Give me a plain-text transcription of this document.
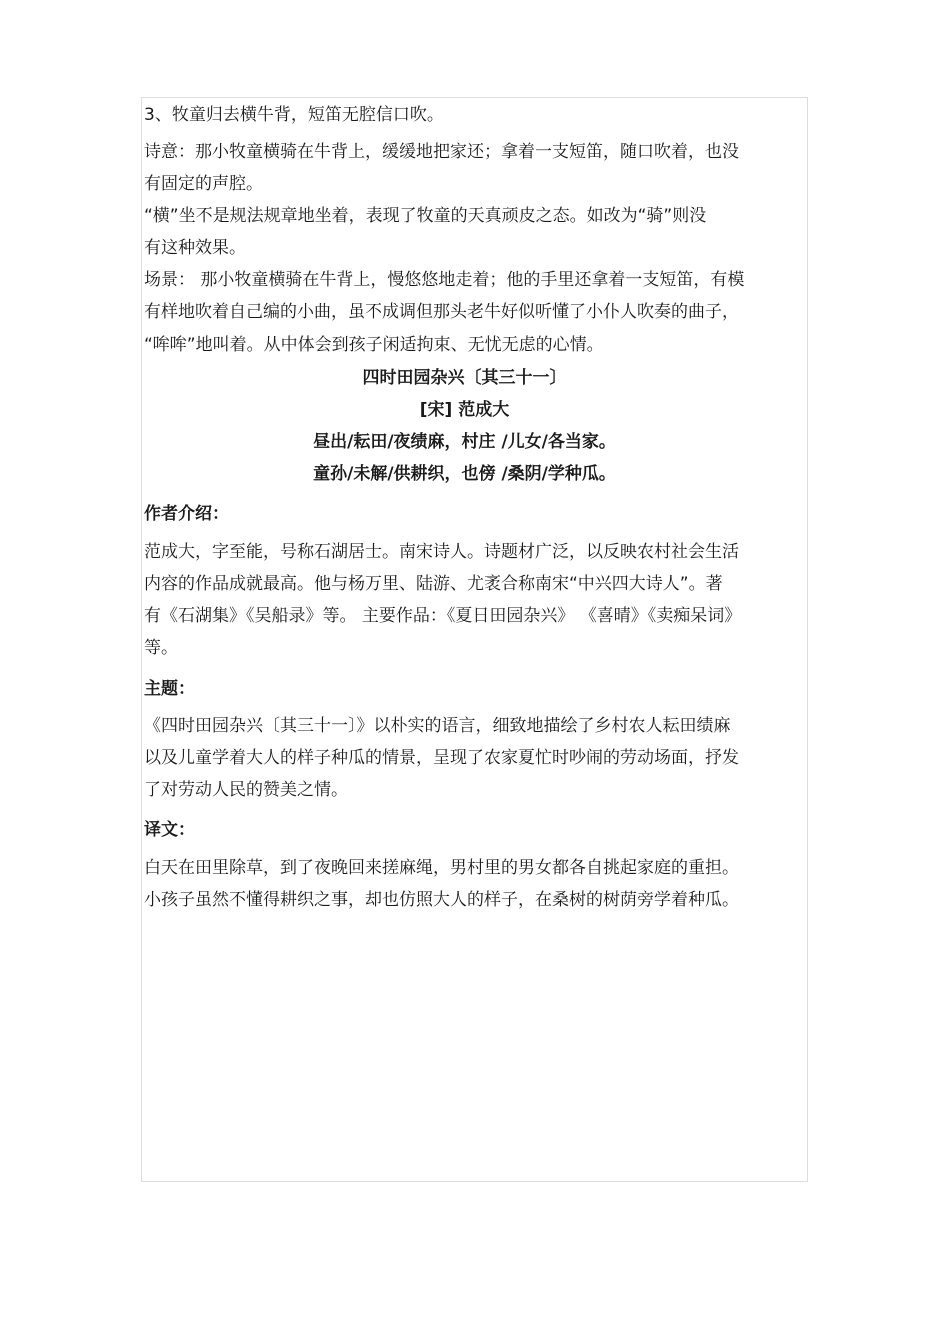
3、牧童归去横牛背，短笛无腔信口吹。
诗意：那小牧童横骑在牛背上，缓缓地把家还；拿着一支短笛，随口吹着，也没
有固定的声腔。
“横”坐不是规法规章地坐着，表现了牧童的天真顽皮之态。如改为“骑”则没
有这种效果。
场景： 那小牧童横骑在牛背上，慢悠悠地走着；他的手里还拿着一支短笛，有模
有样地吹着自己编的小曲，虽不成调但那头老牛好似听懂了小仆人吹奏的曲子，
“哞哞”地叫着。从中体会到孩子闲适拘束、无忧无虑的心情。
四时田园杂兴〔其三十一〕
[宋] 范成大
昼出/耘田/夜绩麻，村庄 /儿女/各当家。
童孙/未解/供耕织，也傍 /桑阴/学种瓜。
作者介绍：
范成大，字至能，号称石湖居士。南宋诗人。诗题材广泛，以反映农村社会生活
内容的作品成就最高。他与杨万里、陆游、尤袤合称南宋“中兴四大诗人”。著
有《石湖集》《吴船录》等。 主要作品：《夏日田园杂兴》 《喜晴》《卖痴呆词》
等。
主题：
《四时田园杂兴〔其三十一〕》以朴实的语言，细致地描绘了乡村农人耘田绩麻
以及儿童学着大人的样子种瓜的情景，呈现了农家夏忙时吵闹的劳动场面，抒发
了对劳动人民的赞美之情。
译文：
白天在田里除草，到了夜晚回来搓麻绳，男村里的男女都各自挑起家庭的重担。
小孩子虽然不懂得耕织之事，却也仿照大人的样子，在桑树的树荫旁学着种瓜。
